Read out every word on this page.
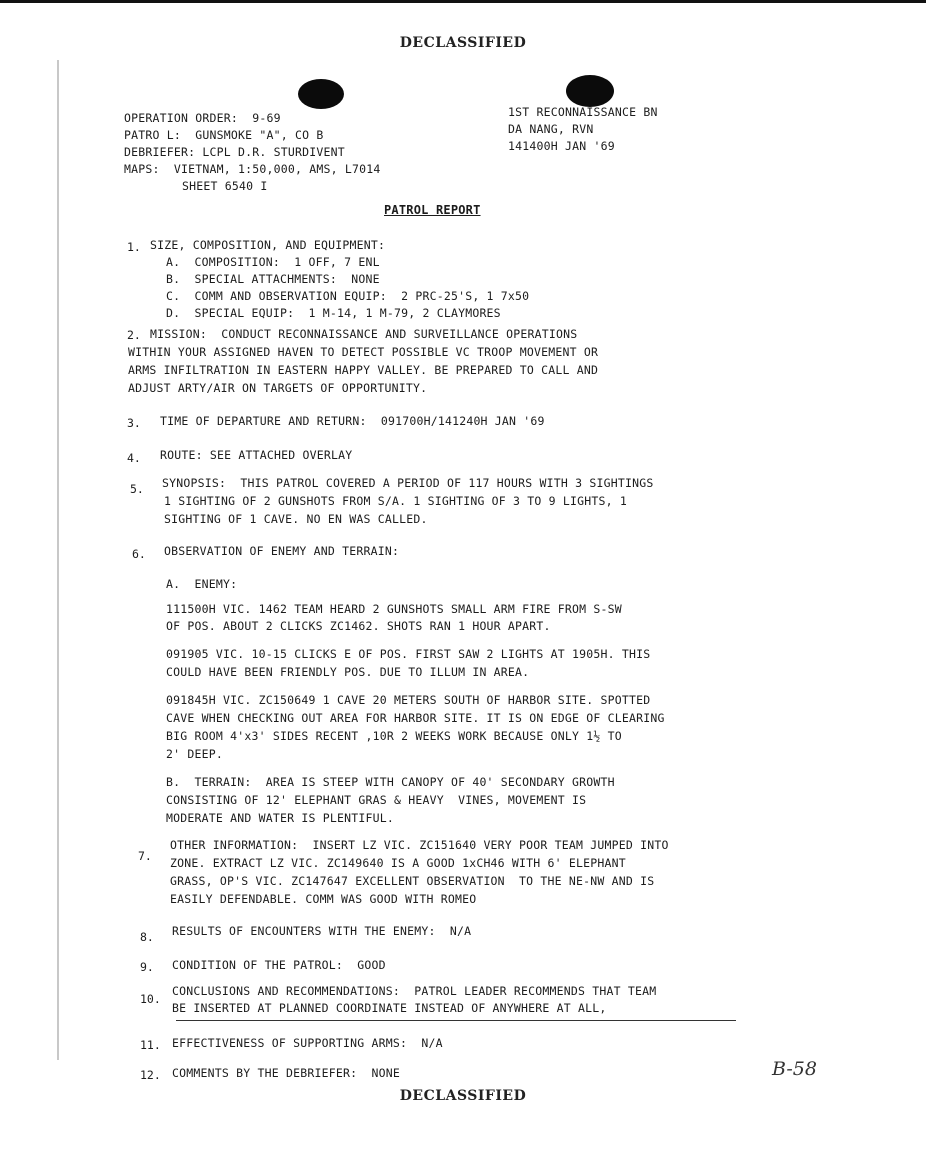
DECLASSIFIED
OPERATION ORDER:  9-69
PATRO L:  GUNSMOKE "A", CO B
DEBRIEFER: LCPL D.R. STURDIVENT
MAPS:  VIETNAM, 1:50,000, AMS, L7014
SHEET 6540 I
1ST RECONNAISSANCE BN
DA NANG, RVN
141400H JAN '69
PATROL REPORT
1. SIZE, COMPOSITION, AND EQUIPMENT:
A.  COMPOSITION:  1 OFF, 7 ENL
B.  SPECIAL ATTACHMENTS:  NONE
C.  COMM AND OBSERVATION EQUIP:  2 PRC-25'S, 1 7x50
D.  SPECIAL EQUIP:  1 M-14, 1 M-79, 2 CLAYMORES
2. MISSION:  CONDUCT RECONNAISSANCE AND SURVEILLANCE OPERATIONS
WITHIN YOUR ASSIGNED HAVEN TO DETECT POSSIBLE VC TROOP MOVEMENT OR
ARMS INFILTRATION IN EASTERN HAPPY VALLEY. BE PREPARED TO CALL AND
ADJUST ARTY/AIR ON TARGETS OF OPPORTUNITY.
3. TIME OF DEPARTURE AND RETURN:  091700H/141240H JAN '69
4. ROUTE: SEE ATTACHED OVERLAY
5. SYNOPSIS:  THIS PATROL COVERED A PERIOD OF 117 HOURS WITH 3 SIGHTINGS
1 SIGHTING OF 2 GUNSHOTS FROM S/A. 1 SIGHTING OF 3 TO 9 LIGHTS, 1
SIGHTING OF 1 CAVE. NO EN WAS CALLED.
6. OBSERVATION OF ENEMY AND TERRAIN:
A.  ENEMY:
111500H VIC. 1462 TEAM HEARD 2 GUNSHOTS SMALL ARM FIRE FROM S-SW
OF POS. ABOUT 2 CLICKS ZC1462. SHOTS RAN 1 HOUR APART.
091905 VIC. 10-15 CLICKS E OF POS. FIRST SAW 2 LIGHTS AT 1905H. THIS
COULD HAVE BEEN FRIENDLY POS. DUE TO ILLUM IN AREA.
091845H VIC. ZC150649 1 CAVE 20 METERS SOUTH OF HARBOR SITE. SPOTTED
CAVE WHEN CHECKING OUT AREA FOR HARBOR SITE. IT IS ON EDGE OF CLEARING
BIG ROOM 4'x3' SIDES RECENT ,10R 2 WEEKS WORK BECAUSE ONLY 1½ TO
2' DEEP.
B.  TERRAIN:  AREA IS STEEP WITH CANOPY OF 40' SECONDARY GROWTH
CONSISTING OF 12' ELEPHANT GRAS & HEAVY  VINES, MOVEMENT IS
MODERATE AND WATER IS PLENTIFUL.
7.
OTHER INFORMATION:  INSERT LZ VIC. ZC151640 VERY POOR TEAM JUMPED INTO
ZONE. EXTRACT LZ VIC. ZC149640 IS A GOOD 1xCH46 WITH 6' ELEPHANT
GRASS, OP'S VIC. ZC147647 EXCELLENT OBSERVATION  TO THE NE-NW AND IS
EASILY DEFENDABLE. COMM WAS GOOD WITH ROMEO
8. RESULTS OF ENCOUNTERS WITH THE ENEMY:  N/A
9. CONDITION OF THE PATROL:  GOOD
10.
CONCLUSIONS AND RECOMMENDATIONS:  PATROL LEADER RECOMMENDS THAT TEAM
BE INSERTED AT PLANNED COORDINATE INSTEAD OF ANYWHERE AT ALL,
11. EFFECTIVENESS OF SUPPORTING ARMS:  N/A
12. COMMENTS BY THE DEBRIEFER:  NONE	B-58
DECLASSIFIED
